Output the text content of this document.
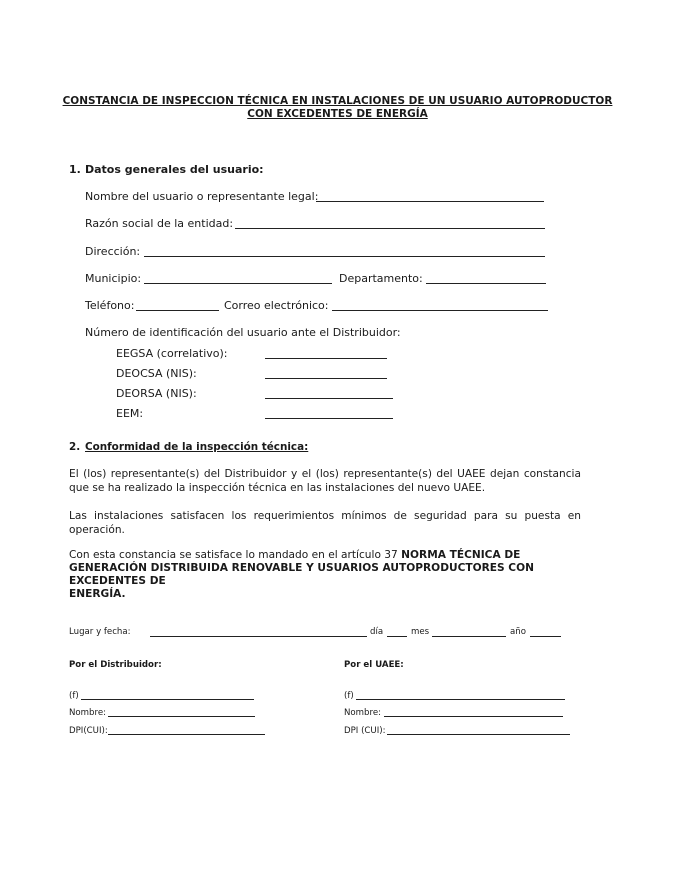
CONSTANCIA DE INSPECCION TÉCNICA EN INSTALACIONES DE UN USUARIO AUTOPRODUCTOR
CON EXCEDENTES DE ENERGÍA
1. Datos generales del usuario:
Nombre del usuario o representante legal:
Razón social de la entidad:
Dirección:
Municipio:	Departamento:
Teléfono:	Correo electrónico:
Número de identificación del usuario ante el Distribuidor:
EEGSA (correlativo):
DEOCSA (NIS):
DEORSA (NIS):
EEM:
2. Conformidad de la inspección técnica:
El (los) representante(s) del Distribuidor y el (los) representante(s) del UAEE dejan constancia
que se ha realizado la inspección técnica en las instalaciones del nuevo UAEE.
Las instalaciones satisfacen los requerimientos mínimos de seguridad para su puesta en
operación.
Con esta constancia se satisface lo mandado en el artículo 37 NORMA TÉCNICA DE
GENERACIÓN DISTRIBUIDA RENOVABLE Y USUARIOS AUTOPRODUCTORES CON EXCEDENTES DE
ENERGÍA.
Lugar y fecha:	día	mes	año
Por el Distribuidor:	Por el UAEE:
(f)	(f)
Nombre:	Nombre:
DPI(CUI):	DPI (CUI):
